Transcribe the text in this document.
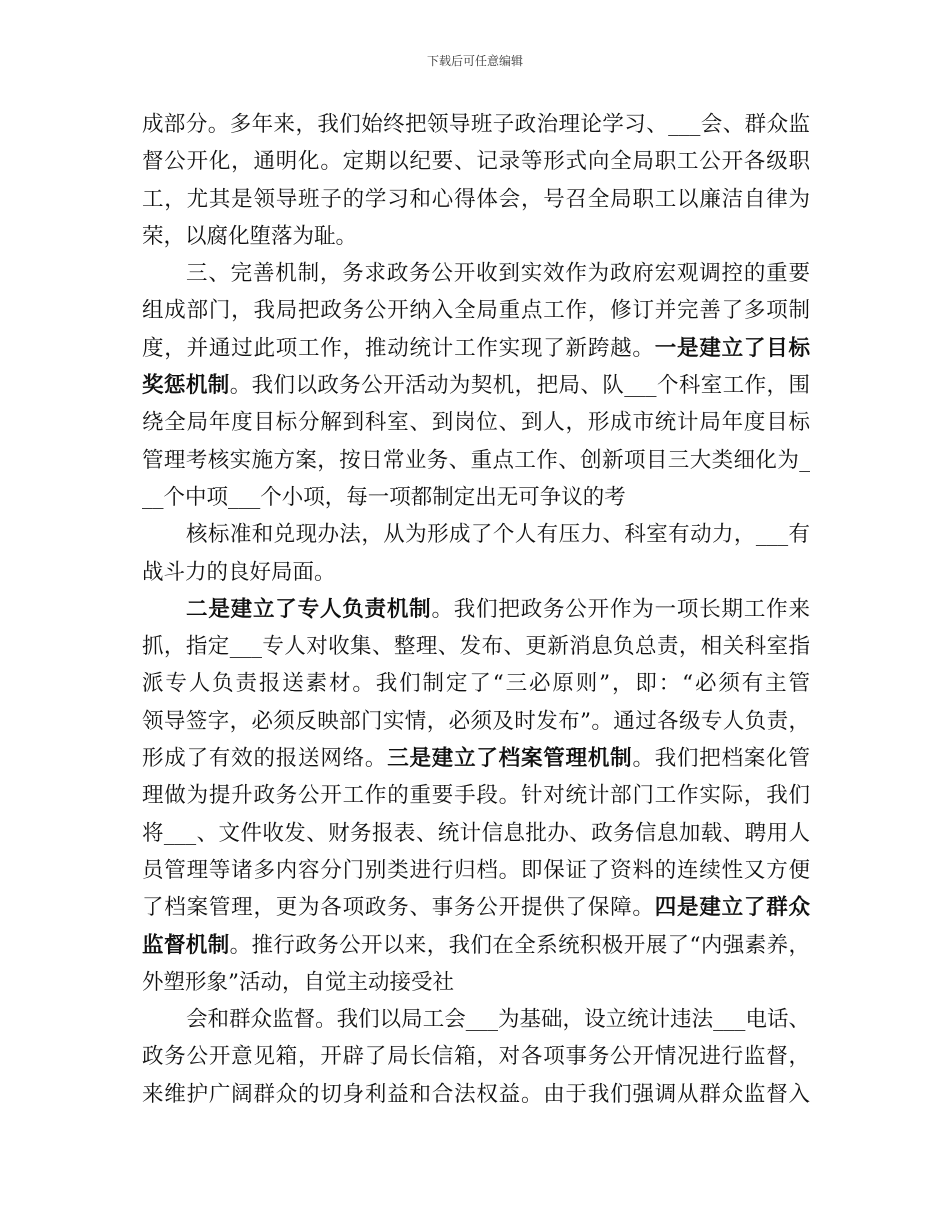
下载后可任意编辑
成部分。多年来，我们始终把领导班子政治理论学习、___会、群众监
督公开化，通明化。定期以纪要、记录等形式向全局职工公开各级职
工，尤其是领导班子的学习和心得体会，号召全局职工以廉洁自律为
荣，以腐化堕落为耻。
三、完善机制，务求政务公开收到实效作为政府宏观调控的重要
组成部门，我局把政务公开纳入全局重点工作，修订并完善了多项制
度，并通过此项工作，推动统计工作实现了新跨越。一是建立了目标
奖惩机制。我们以政务公开活动为契机，把局、队___个科室工作，围
绕全局年度目标分解到科室、到岗位、到人，形成市统计局年度目标
管理考核实施方案，按日常业务、重点工作、创新项目三大类细化为_
__个中项___个小项，每一项都制定出无可争议的考
核标准和兑现办法，从为形成了个人有压力、科室有动力，___有
战斗力的良好局面。
二是建立了专人负责机制。我们把政务公开作为一项长期工作来
抓，指定___专人对收集、整理、发布、更新消息负总责，相关科室指
派专人负责报送素材。我们制定了“三必原则”，即：“必须有主管
领导签字，必须反映部门实情，必须及时发布”。通过各级专人负责，
形成了有效的报送网络。三是建立了档案管理机制。我们把档案化管
理做为提升政务公开工作的重要手段。针对统计部门工作实际，我们
将___、文件收发、财务报表、统计信息批办、政务信息加载、聘用人
员管理等诸多内容分门别类进行归档。即保证了资料的连续性又方便
了档案管理，更为各项政务、事务公开提供了保障。四是建立了群众
监督机制。推行政务公开以来，我们在全系统积极开展了“内强素养，
外塑形象”活动，自觉主动接受社
会和群众监督。我们以局工会___为基础，设立统计违法___电话、
政务公开意见箱，开辟了局长信箱，对各项事务公开情况进行监督，
来维护广阔群众的切身利益和合法权益。由于我们强调从群众监督入
